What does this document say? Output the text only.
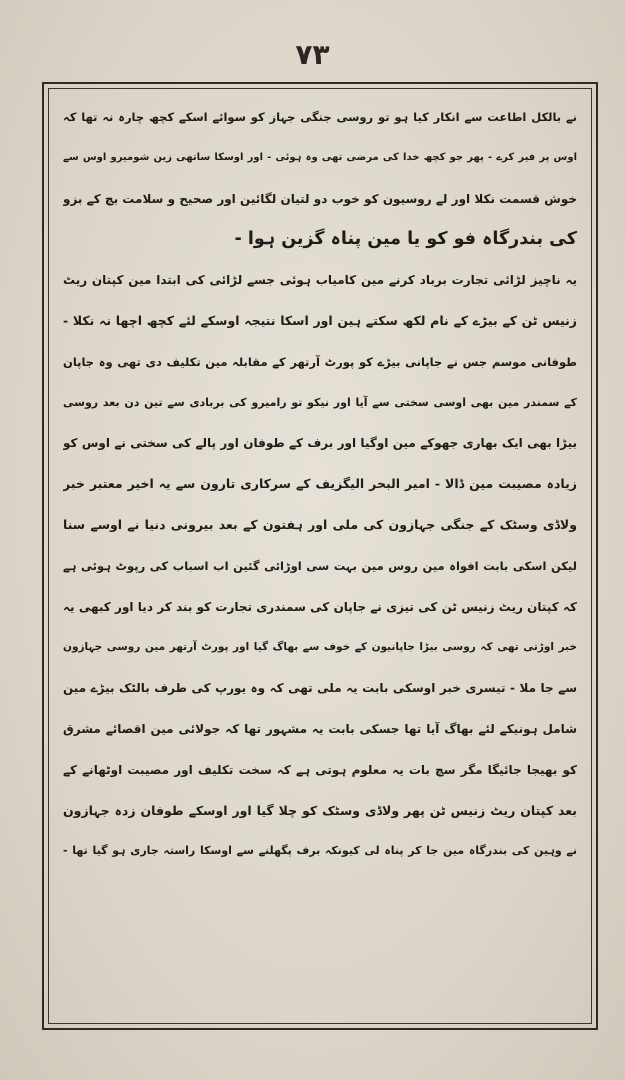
٧٣
نے بالکل اطاعت سے انکار کیا ہو تو روسی جنگی جہاز کو سوائے اسکے کچھ چارہ نہ تھا کہ
اوس پر فیر کرے - پھر جو کچھ خدا کی مرضی تھی وہ ہوئی - اور اوسکا ساتھی زین شومیرو اوس سے
خوش قسمت نکلا اور لے روسیون کو خوب دو لتیان لگائین اور صحیح و سلامت بچ کے بزو
کی بندرگاہ فو کو یا مین پناہ گزین ہوا -
یہ ناچیز لڑائی تجارت برباد کرنے مین کامیاب ہوئی جسے لڑائی کی ابتدا مین کپتان ریٹ
زنیس ٹن کے بیڑے کے نام لکھ سکتے ہین اور اسکا نتیجہ اوسکے لئے کچھ اچھا نہ نکلا -
طوفانی موسم جس نے جاپانی بیڑے کو پورٹ آرتھر کے مقابلہ مین تکلیف دی تھی وہ جاپان
کے سمندر مین بھی اوسی سختی سے آیا اور نیکو تو رامیرو کی بربادی سے تین دن بعد روسی
بیڑا بھی ایک بھاری جھوکے مین اوگیا اور برف کے طوفان اور پالے کی سختی نے اوس کو
زیادہ مصیبت مین ڈالا - امیر البحر الیگزیف کے سرکاری تارون سے یہ اخیر معتبر خبر
ولاڈی وسٹک کے جنگی جہازون کی ملی اور ہفتون کے بعد بیرونی دنیا نے اوسے سنا
لیکن اسکی بابت افواہ مین روس مین بہت سی اوڑائی گئین اب اسباب کی رپوٹ ہوئی ہے
کہ کپتان ریٹ زنیس ٹن کی تیزی نے جاپان کی سمندری تجارت کو بند کر دیا اور کبھی یہ
خبر اوڑتی تھی کہ روسی بیڑا جاپانیون کے خوف سے بھاگ گیا اور پورٹ آرتھر مین روسی جہازون
سے جا ملا - تیسری خبر اوسکی بابت یہ ملی تھی کہ وہ یورپ کی طرف بالٹک بیڑے مین
شامل ہونیکے لئے بھاگ آیا تھا جسکی بابت یہ مشہور تھا کہ جولائی مین اقصائے مشرق
کو بھیجا جائیگا مگر سچ بات یہ معلوم ہوتی ہے کہ سخت تکلیف اور مصیبت اوٹھانے کے
بعد کپتان ریٹ زنیس ٹن پھر ولاڈی وسٹک کو چلا گیا اور اوسکے طوفان زدہ جہازون
نے وہین کی بندرگاہ مین جا کر پناہ لی کیونکہ برف پگھلنے سے اوسکا راستہ جاری ہو گیا تھا -
